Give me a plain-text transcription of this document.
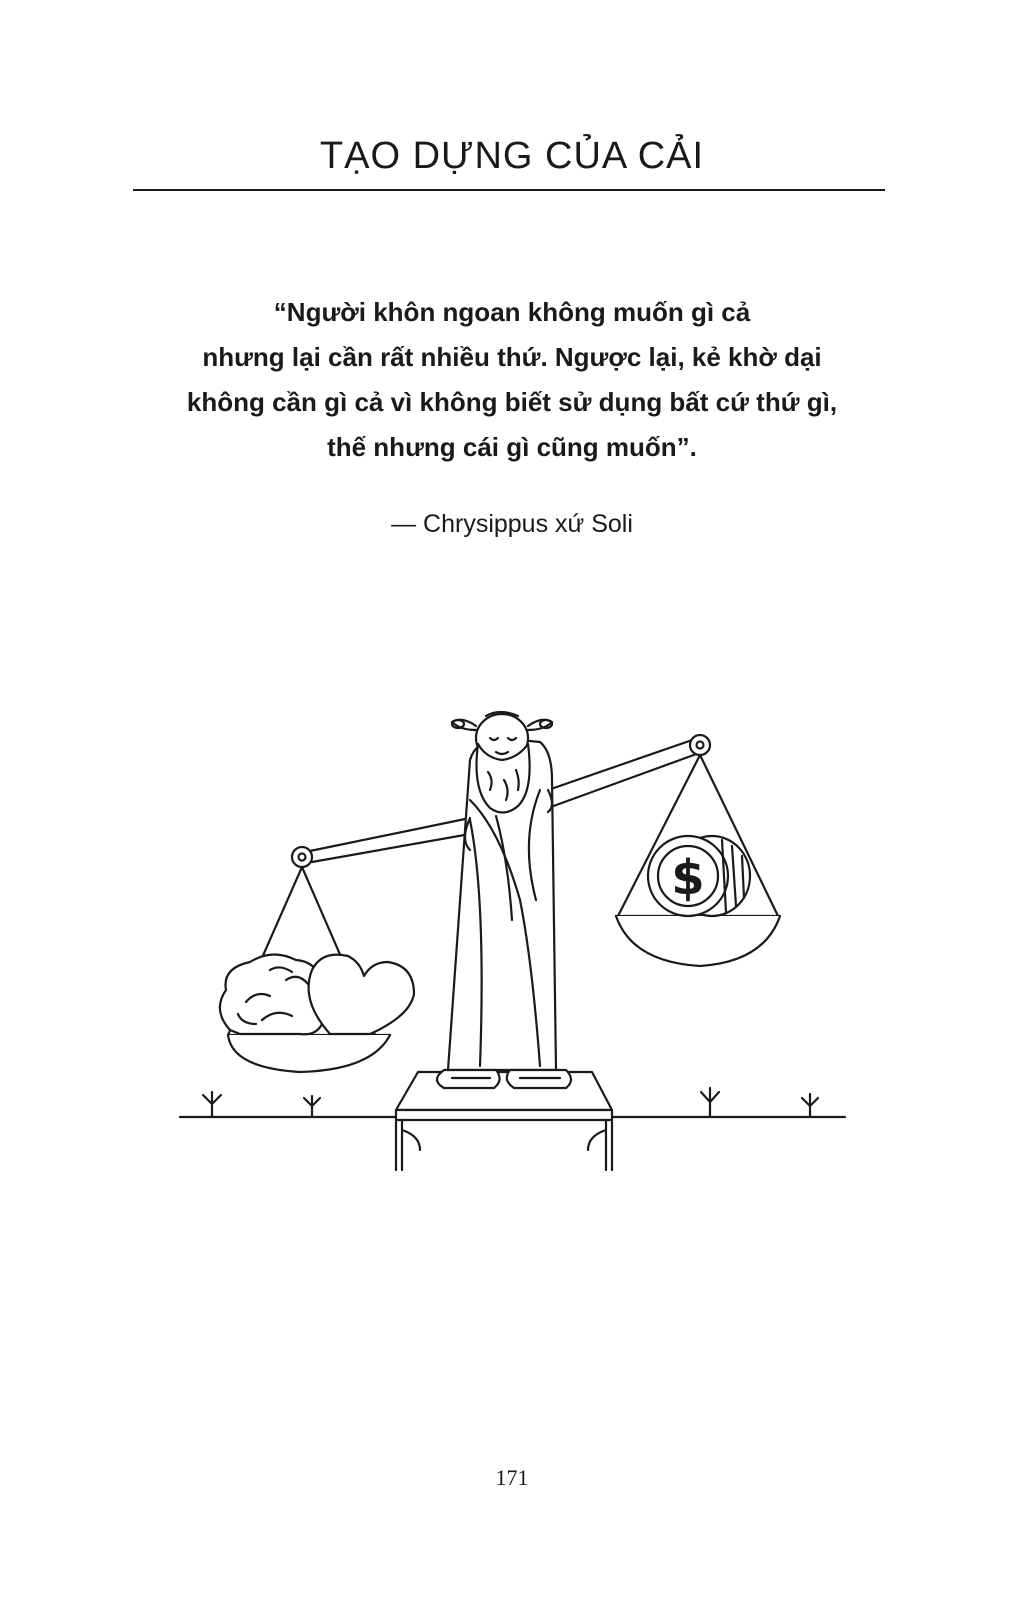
TẠO DỰNG CỦA CẢI
“Người khôn ngoan không muốn gì cả
nhưng lại cần rất nhiều thứ. Ngược lại, kẻ khờ dại
không cần gì cả vì không biết sử dụng bất cứ thứ gì,
thế nhưng cái gì cũng muốn”.
— Chrysippus xứ Soli
$
171
